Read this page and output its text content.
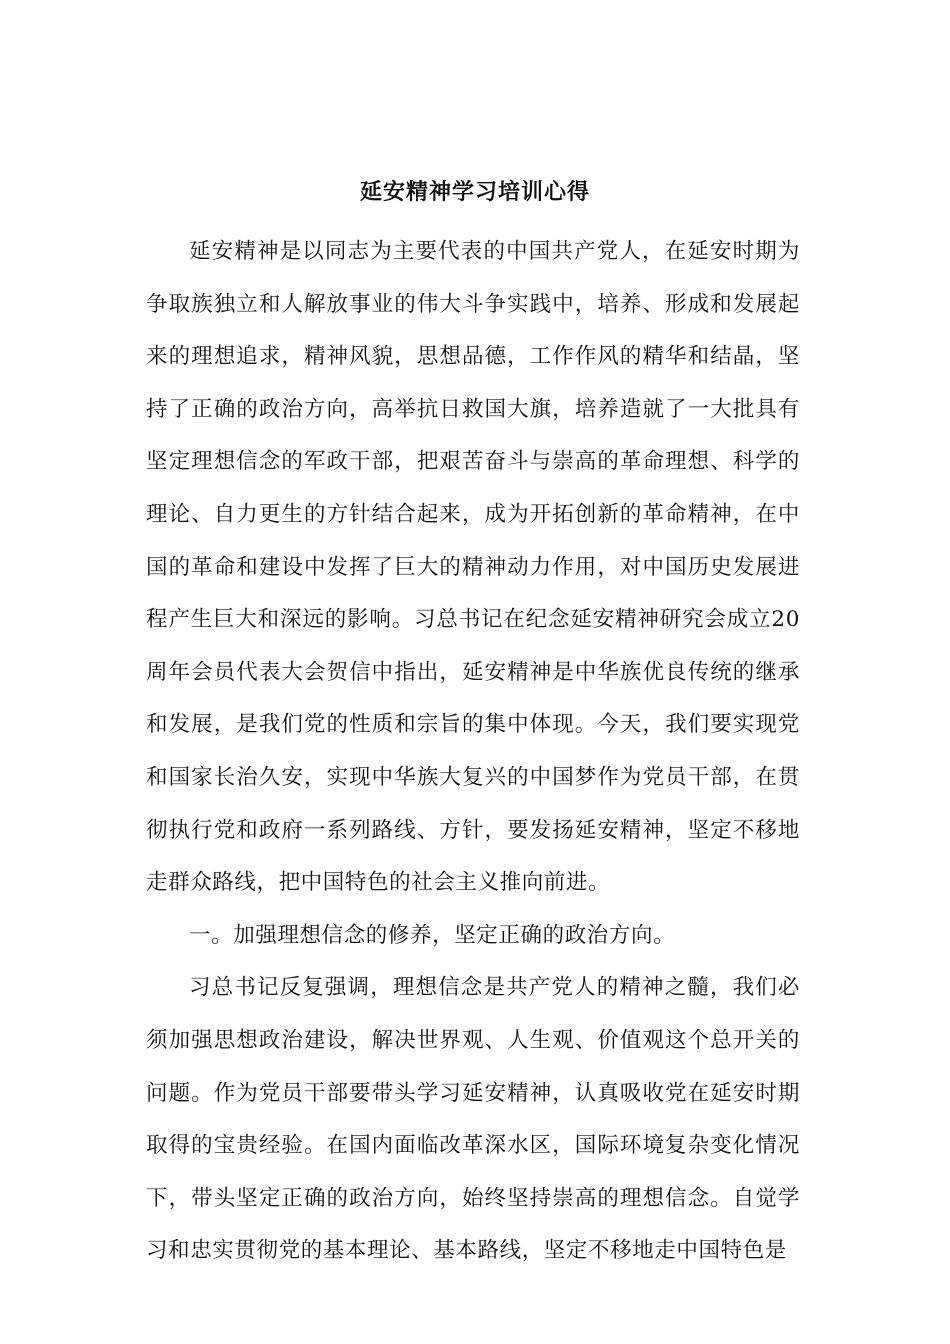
延安精神学习培训心得

延安精神是以同志为主要代表的中国共产党人，在延安时期为争取族独立和人解放事业的伟大斗争实践中，培养、形成和发展起来的理想追求，精神风貌，思想品德，工作作风的精华和结晶，坚持了正确的政治方向，高举抗日救国大旗，培养造就了一大批具有坚定理想信念的军政干部，把艰苦奋斗与崇高的革命理想、科学的理论、自力更生的方针结合起来，成为开拓创新的革命精神，在中国的革命和建设中发挥了巨大的精神动力作用，对中国历史发展进程产生巨大和深远的影响。习总书记在纪念延安精神研究会成立20周年会员代表大会贺信中指出，延安精神是中华族优良传统的继承和发展，是我们党的性质和宗旨的集中体现。今天，我们要实现党和国家长治久安，实现中华族大复兴的中国梦作为党员干部，在贯彻执行党和政府一系列路线、方针，要发扬延安精神，坚定不移地走群众路线，把中国特色的社会主义推向前进。

一。加强理想信念的修养，坚定正确的政治方向。

习总书记反复强调，理想信念是共产党人的精神之髓，我们必须加强思想政治建设，解决世界观、人生观、价值观这个总开关的问题。作为党员干部要带头学习延安精神，认真吸收党在延安时期取得的宝贵经验。在国内面临改革深水区，国际环境复杂变化情况下，带头坚定正确的政治方向，始终坚持崇高的理想信念。自觉学习和忠实贯彻党的基本理论、基本路线，坚定不移地走中国特色是
